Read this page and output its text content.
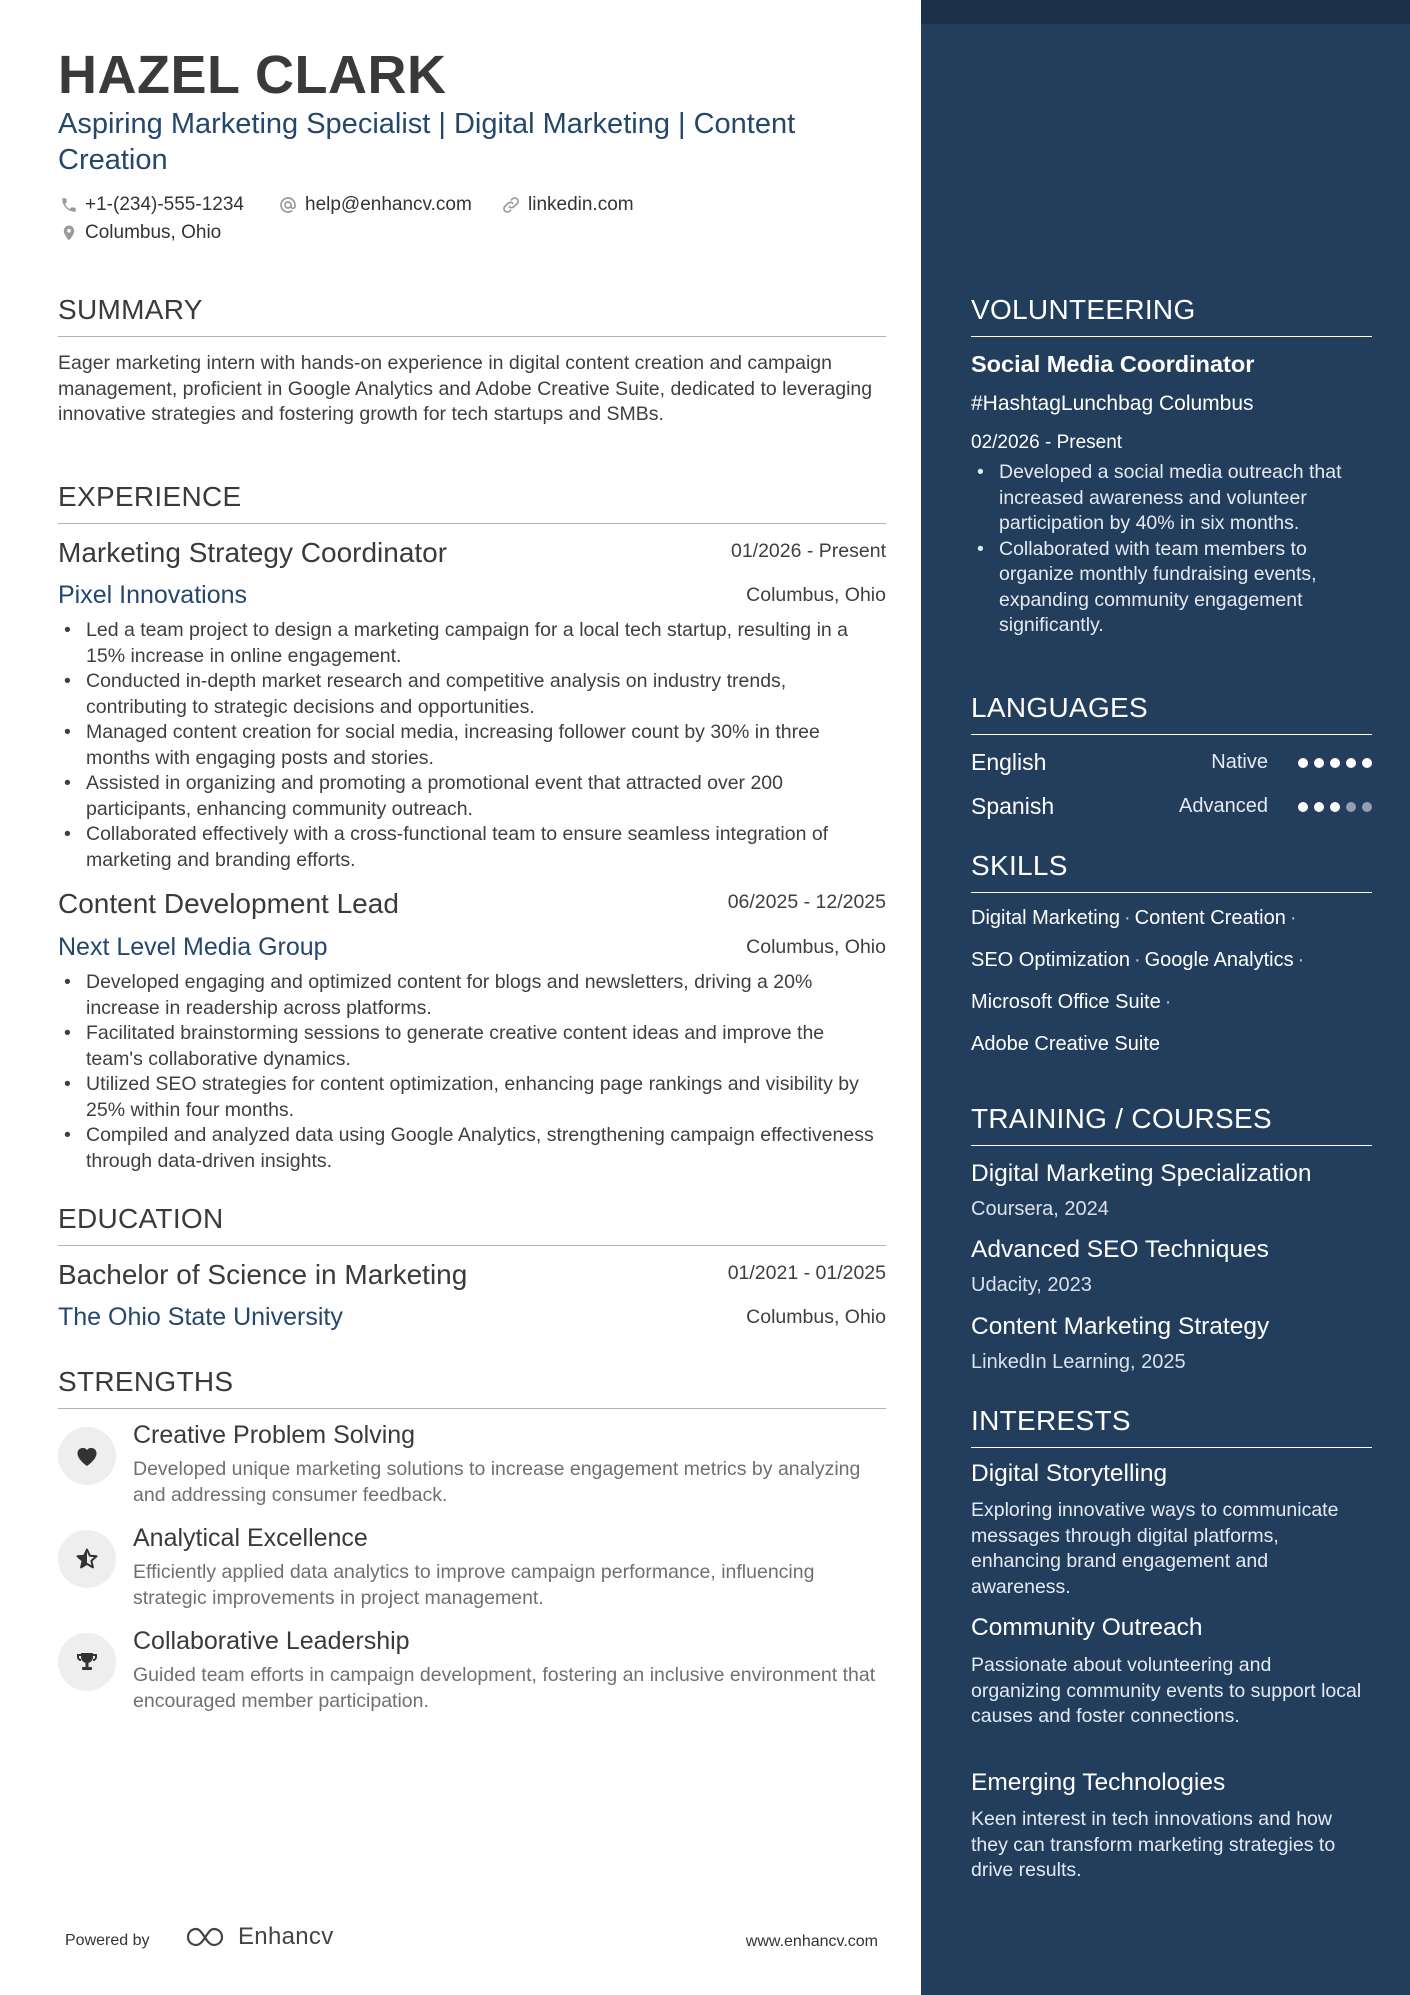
HAZEL CLARK
Aspiring Marketing Specialist | Digital Marketing | Content Creation
+1-(234)-555-1234	help@enhancv.com	linkedin.com
Columbus, Ohio
SUMMARY
Eager marketing intern with hands-on experience in digital content creation and campaign management, proficient in Google Analytics and Adobe Creative Suite, dedicated to leveraging innovative strategies and fostering growth for tech startups and SMBs.
EXPERIENCE
Marketing Strategy Coordinator	01/2026 - Present
Pixel Innovations	Columbus, Ohio
• Led a team project to design a marketing campaign for a local tech startup, resulting in a 15% increase in online engagement.
• Conducted in-depth market research and competitive analysis on industry trends, contributing to strategic decisions and opportunities.
• Managed content creation for social media, increasing follower count by 30% in three months with engaging posts and stories.
• Assisted in organizing and promoting a promotional event that attracted over 200 participants, enhancing community outreach.
• Collaborated effectively with a cross-functional team to ensure seamless integration of marketing and branding efforts.
Content Development Lead	06/2025 - 12/2025
Next Level Media Group	Columbus, Ohio
• Developed engaging and optimized content for blogs and newsletters, driving a 20% increase in readership across platforms.
• Facilitated brainstorming sessions to generate creative content ideas and improve the team's collaborative dynamics.
• Utilized SEO strategies for content optimization, enhancing page rankings and visibility by 25% within four months.
• Compiled and analyzed data using Google Analytics, strengthening campaign effectiveness through data-driven insights.
EDUCATION
Bachelor of Science in Marketing	01/2021 - 01/2025
The Ohio State University	Columbus, Ohio
STRENGTHS
Creative Problem Solving
Developed unique marketing solutions to increase engagement metrics by analyzing and addressing consumer feedback.
Analytical Excellence
Efficiently applied data analytics to improve campaign performance, influencing strategic improvements in project management.
Collaborative Leadership
Guided team efforts in campaign development, fostering an inclusive environment that encouraged member participation.
Powered by	Enhancv	www.enhancv.com
VOLUNTEERING
Social Media Coordinator
#HashtagLunchbag Columbus
02/2026 - Present
• Developed a social media outreach that increased awareness and volunteer participation by 40% in six months.
• Collaborated with team members to organize monthly fundraising events, expanding community engagement significantly.
LANGUAGES
English	Native
Spanish	Advanced
SKILLS
Digital Marketing · Content Creation ·
SEO Optimization · Google Analytics ·
Microsoft Office Suite ·
Adobe Creative Suite
TRAINING / COURSES
Digital Marketing Specialization
Coursera, 2024
Advanced SEO Techniques
Udacity, 2023
Content Marketing Strategy
LinkedIn Learning, 2025
INTERESTS
Digital Storytelling
Exploring innovative ways to communicate messages through digital platforms, enhancing brand engagement and awareness.
Community Outreach
Passionate about volunteering and organizing community events to support local causes and foster connections.
Emerging Technologies
Keen interest in tech innovations and how they can transform marketing strategies to drive results.
